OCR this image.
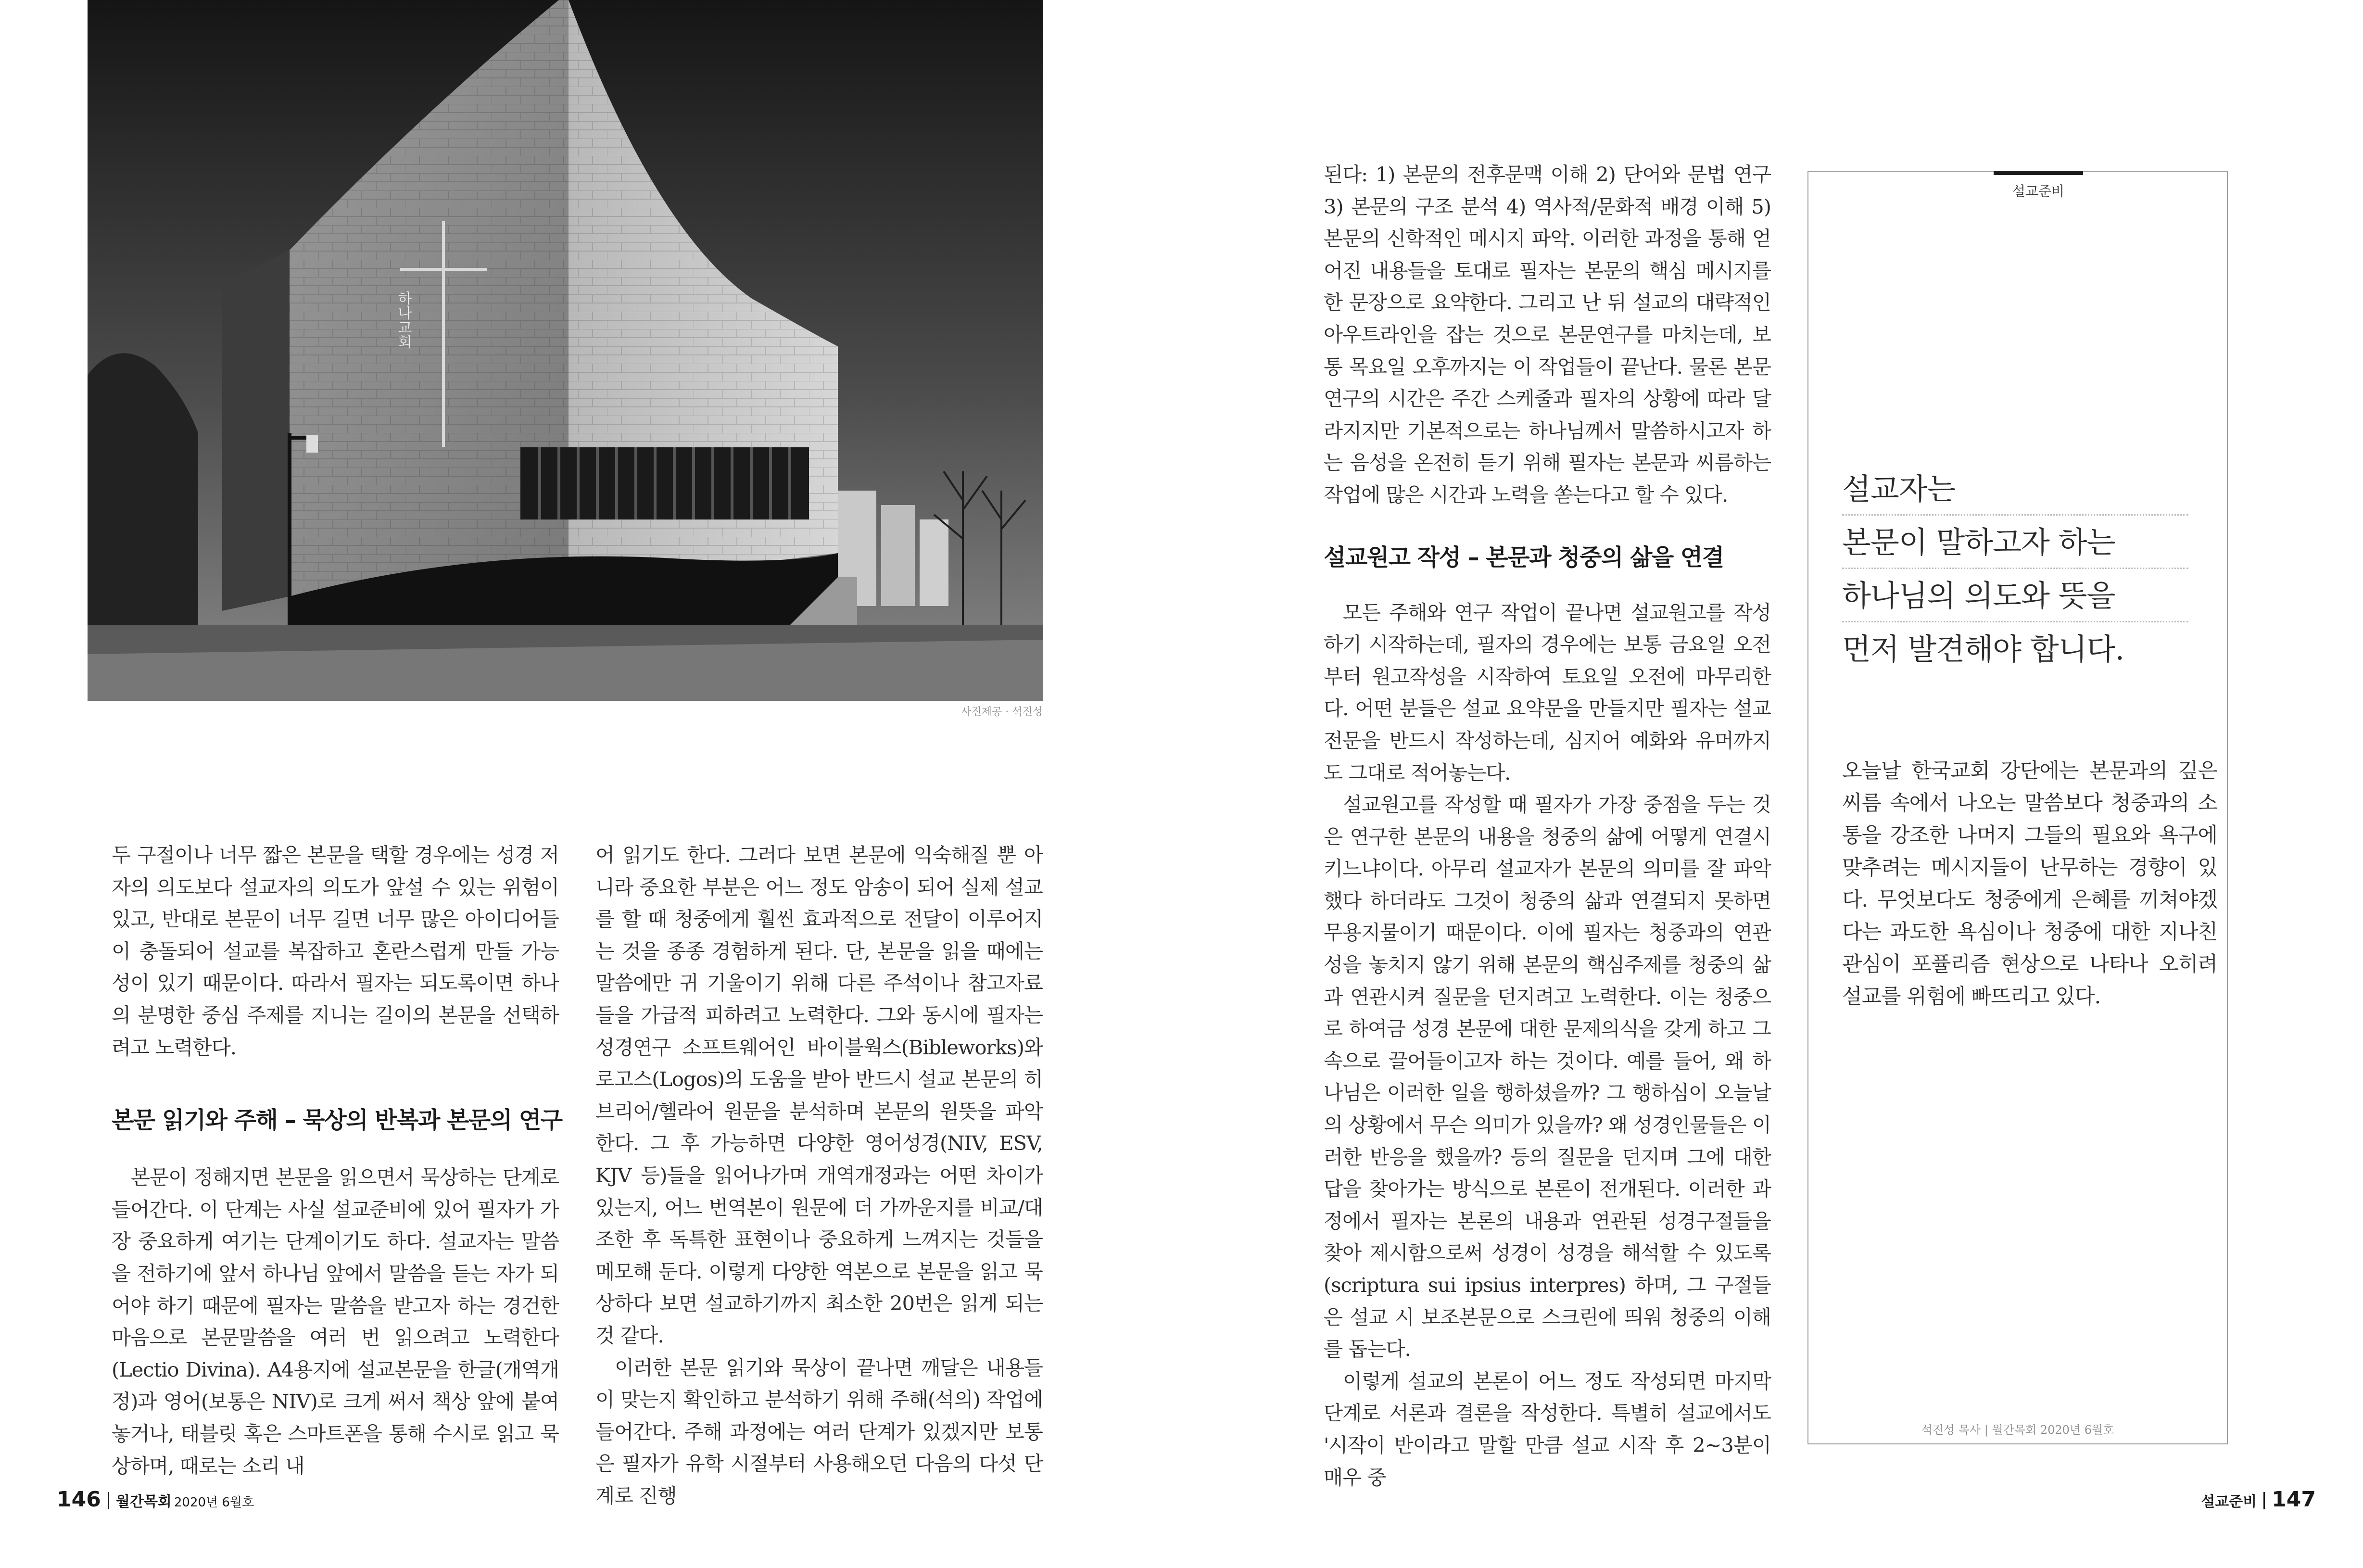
하나교회
사진제공 · 석진성

두 구절이나 너무 짧은 본문을 택할 경우에는 성경 저자의 의도보다 설교자의 의도가 앞설 수 있는 위험이 있고, 반대로 본문이 너무 길면 너무 많은 아이디어들이 충돌되어 설교를 복잡하고 혼란스럽게 만들 가능성이 있기 때문이다. 따라서 필자는 되도록이면 하나의 분명한 중심 주제를 지니는 길이의 본문을 선택하려고 노력한다.

본문 읽기와 주해 – 묵상의 반복과 본문의 연구

본문이 정해지면 본문을 읽으면서 묵상하는 단계로 들어간다. 이 단계는 사실 설교준비에 있어 필자가 가장 중요하게 여기는 단계이기도 하다. 설교자는 말씀을 전하기에 앞서 하나님 앞에서 말씀을 듣는 자가 되어야 하기 때문에 필자는 말씀을 받고자 하는 경건한 마음으로 본문말씀을 여러 번 읽으려고 노력한다(Lectio Divina). A4용지에 설교본문을 한글(개역개정)과 영어(보통은 NIV)로 크게 써서 책상 앞에 붙여놓거나, 태블릿 혹은 스마트폰을 통해 수시로 읽고 묵상하며, 때로는 소리 내

어 읽기도 한다. 그러다 보면 본문에 익숙해질 뿐 아니라 중요한 부분은 어느 정도 암송이 되어 실제 설교를 할 때 청중에게 훨씬 효과적으로 전달이 이루어지는 것을 종종 경험하게 된다. 단, 본문을 읽을 때에는 말씀에만 귀 기울이기 위해 다른 주석이나 참고자료들을 가급적 피하려고 노력한다. 그와 동시에 필자는 성경연구 소프트웨어인 바이블웍스(Bibleworks)와 로고스(Logos)의 도움을 받아 반드시 설교 본문의 히브리어/헬라어 원문을 분석하며 본문의 원뜻을 파악한다. 그 후 가능하면 다양한 영어성경(NIV, ESV, KJV 등)들을 읽어나가며 개역개정과는 어떤 차이가 있는지, 어느 번역본이 원문에 더 가까운지를 비교/대조한 후 독특한 표현이나 중요하게 느껴지는 것들을 메모해 둔다. 이렇게 다양한 역본으로 본문을 읽고 묵상하다 보면 설교하기까지 최소한 20번은 읽게 되는 것 같다.

이러한 본문 읽기와 묵상이 끝나면 깨달은 내용들이 맞는지 확인하고 분석하기 위해 주해(석의) 작업에 들어간다. 주해 과정에는 여러 단계가 있겠지만 보통은 필자가 유학 시절부터 사용해오던 다음의 다섯 단계로 진행

146 월간목회 2020년 6월호

된다: 1) 본문의 전후문맥 이해 2) 단어와 문법 연구 3) 본문의 구조 분석 4) 역사적/문화적 배경 이해 5) 본문의 신학적인 메시지 파악. 이러한 과정을 통해 얻어진 내용들을 토대로 필자는 본문의 핵심 메시지를 한 문장으로 요약한다. 그리고 난 뒤 설교의 대략적인 아우트라인을 잡는 것으로 본문연구를 마치는데, 보통 목요일 오후까지는 이 작업들이 끝난다. 물론 본문연구의 시간은 주간 스케줄과 필자의 상황에 따라 달라지지만 기본적으로는 하나님께서 말씀하시고자 하는 음성을 온전히 듣기 위해 필자는 본문과 씨름하는 작업에 많은 시간과 노력을 쏟는다고 할 수 있다.

설교원고 작성 – 본문과 청중의 삶을 연결

모든 주해와 연구 작업이 끝나면 설교원고를 작성하기 시작하는데, 필자의 경우에는 보통 금요일 오전부터 원고작성을 시작하여 토요일 오전에 마무리한다. 어떤 분들은 설교 요약문을 만들지만 필자는 설교전문을 반드시 작성하는데, 심지어 예화와 유머까지도 그대로 적어놓는다.

설교원고를 작성할 때 필자가 가장 중점을 두는 것은 연구한 본문의 내용을 청중의 삶에 어떻게 연결시키느냐이다. 아무리 설교자가 본문의 의미를 잘 파악했다 하더라도 그것이 청중의 삶과 연결되지 못하면 무용지물이기 때문이다. 이에 필자는 청중과의 연관성을 놓치지 않기 위해 본문의 핵심주제를 청중의 삶과 연관시켜 질문을 던지려고 노력한다. 이는 청중으로 하여금 성경 본문에 대한 문제의식을 갖게 하고 그 속으로 끌어들이고자 하는 것이다. 예를 들어, 왜 하나님은 이러한 일을 행하셨을까? 그 행하심이 오늘날의 상황에서 무슨 의미가 있을까? 왜 성경인물들은 이러한 반응을 했을까? 등의 질문을 던지며 그에 대한 답을 찾아가는 방식으로 본론이 전개된다. 이러한 과정에서 필자는 본론의 내용과 연관된 성경구절들을 찾아 제시함으로써 성경이 성경을 해석할 수 있도록(scriptura sui ipsius interpres) 하며, 그 구절들은 설교 시 보조본문으로 스크린에 띄워 청중의 이해를 돕는다.

이렇게 설교의 본론이 어느 정도 작성되면 마지막 단계로 서론과 결론을 작성한다. 특별히 설교에서도 '시작이 반이라고 말할 만큼 설교 시작 후 2~3분이 매우 중

설교준비
설교자는
본문이 말하고자 하는
하나님의 의도와 뜻을
먼저 발견해야 합니다.

오늘날 한국교회 강단에는 본문과의 깊은 씨름 속에서 나오는 말씀보다 청중과의 소통을 강조한 나머지 그들의 필요와 욕구에 맞추려는 메시지들이 난무하는 경향이 있다. 무엇보다도 청중에게 은혜를 끼쳐야겠다는 과도한 욕심이나 청중에 대한 지나친 관심이 포퓰리즘 현상으로 나타나 오히려 설교를 위험에 빠뜨리고 있다.

석진성 목사 | 월간목회 2020년 6월호
설교준비 147
